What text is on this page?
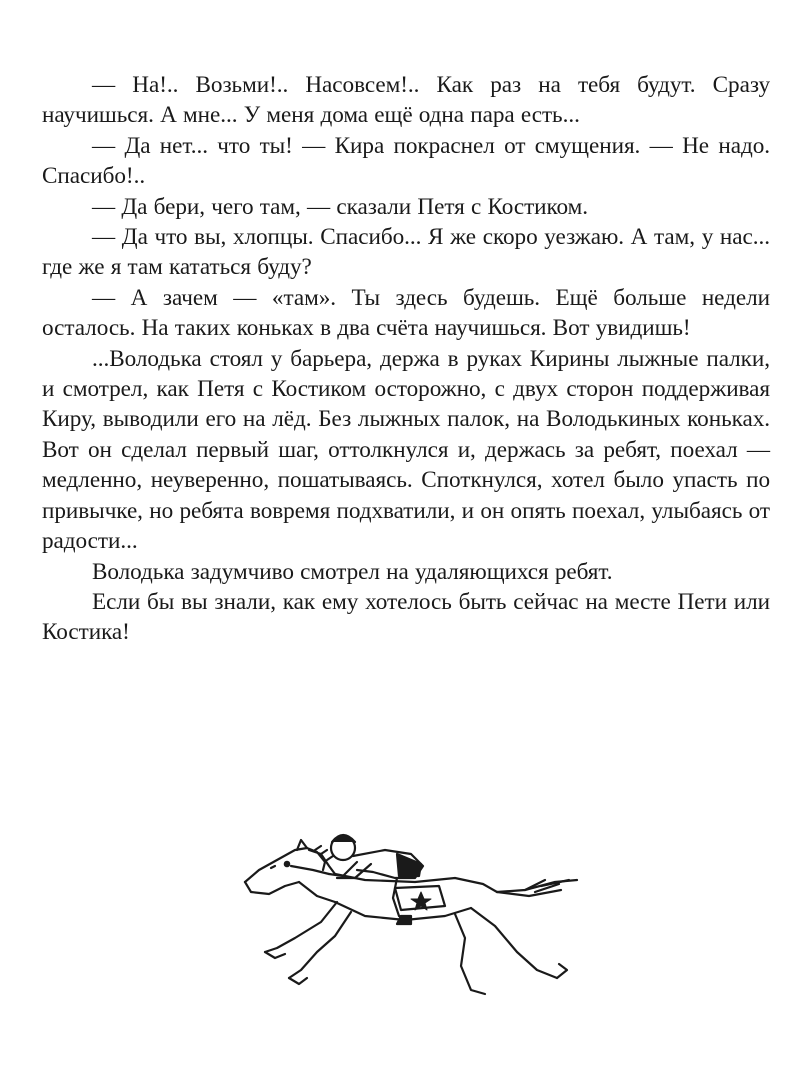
— На!.. Возьми!.. Насовсем!.. Как раз на тебя будут. Сразу научишься. А мне... У меня дома ещё одна пара есть...

— Да нет... что ты! — Кира покраснел от смущения. — Не надо. Спасибо!..

— Да бери, чего там, — сказали Петя с Костиком.

— Да что вы, хлопцы. Спасибо... Я же скоро уезжаю. А там, у нас... где же я там кататься буду?

— А зачем — «там». Ты здесь будешь. Ещё больше недели осталось. На таких коньках в два счёта научишься. Вот увидишь!

...Володька стоял у барьера, держа в руках Кирины лыжные палки, и смотрел, как Петя с Костиком осторожно, с двух сторон поддерживая Киру, выводили его на лёд. Без лыжных палок, на Володькиных коньках. Вот он сделал первый шаг, оттолкнулся и, держась за ребят, поехал — медленно, неуверенно, пошатываясь. Споткнулся, хотел было упасть по привычке, но ребята вовремя подхватили, и он опять поехал, улыбаясь от радости...

Володька задумчиво смотрел на удаляющихся ребят.

Если бы вы знали, как ему хотелось быть сейчас на месте Пети или Костика!
